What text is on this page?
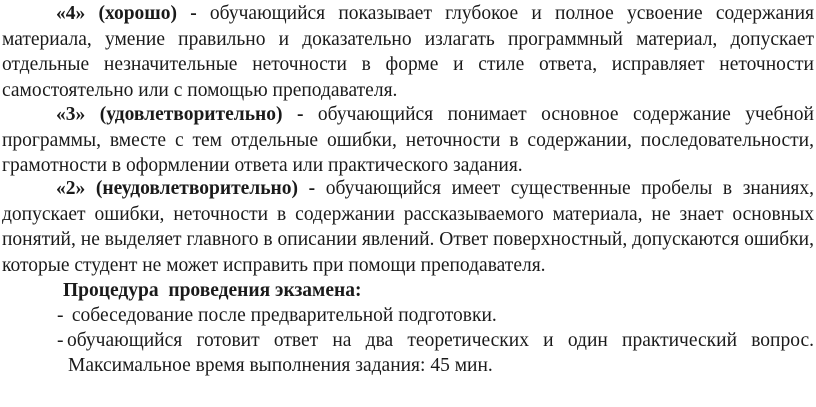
«4» (хорошо) - обучающийся показывает глубокое и полное усвоение содержания материала, умение правильно и доказательно излагать программный материал, допускает отдельные незначительные неточности в форме и стиле ответа, исправляет неточности самостоятельно или с помощью преподавателя.

«3» (удовлетворительно) - обучающийся понимает основное содержание учебной программы, вместе с тем отдельные ошибки, неточности в содержании, последовательности, грамотности в оформлении ответа или практического задания.

«2» (неудовлетворительно) - обучающийся имеет существенные пробелы в знаниях, допускает ошибки, неточности в содержании рассказываемого материала, не знает основных понятий, не выделяет главного в описании явлений. Ответ поверхностный, допускаются ошибки, которые студент не может исправить при помощи преподавателя.

Процедура  проведения экзамена:

- собеседование после предварительной подготовки.

- обучающийся готовит ответ на два теоретических и один практический вопрос.

Максимальное время выполнения задания: 45 мин.
